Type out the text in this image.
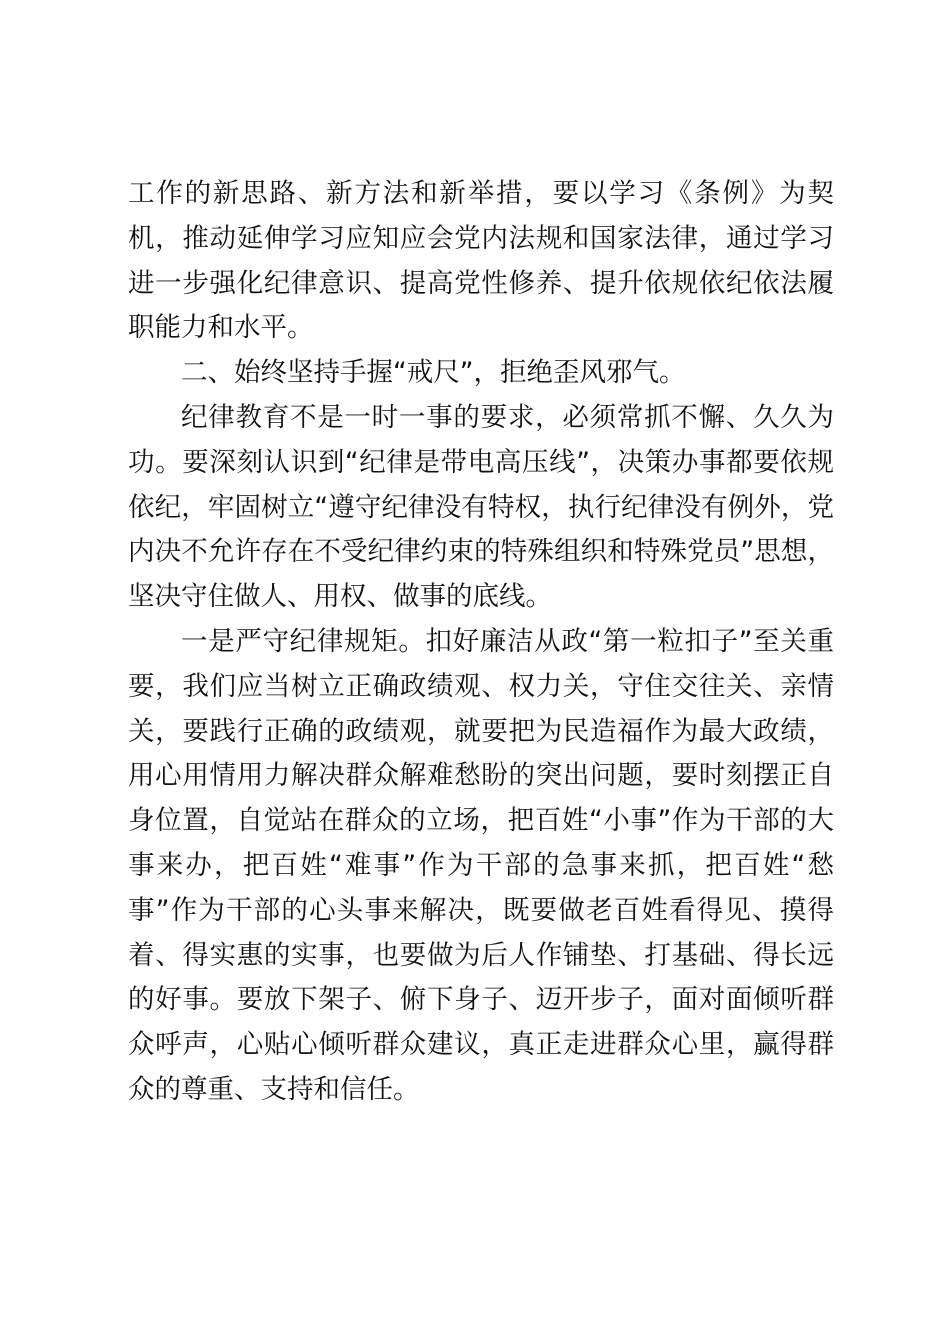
工作的新思路、新方法和新举措，要以学习《条例》为契机，推动延伸学习应知应会党内法规和国家法律，通过学习进一步强化纪律意识、提高党性修养、提升依规依纪依法履职能力和水平。

二、始终坚持手握“戒尺”，拒绝歪风邪气。

纪律教育不是一时一事的要求，必须常抓不懈、久久为功。要深刻认识到“纪律是带电高压线”，决策办事都要依规依纪，牢固树立“遵守纪律没有特权，执行纪律没有例外，党内决不允许存在不受纪律约束的特殊组织和特殊党员”思想，坚决守住做人、用权、做事的底线。

一是严守纪律规矩。扣好廉洁从政“第一粒扣子”至关重要，我们应当树立正确政绩观、权力关，守住交往关、亲情关，要践行正确的政绩观，就要把为民造福作为最大政绩，用心用情用力解决群众解难愁盼的突出问题，要时刻摆正自身位置，自觉站在群众的立场，把百姓“小事”作为干部的大事来办，把百姓“难事”作为干部的急事来抓，把百姓“愁事”作为干部的心头事来解决，既要做老百姓看得见、摸得着、得实惠的实事，也要做为后人作铺垫、打基础、得长远的好事。要放下架子、俯下身子、迈开步子，面对面倾听群众呼声，心贴心倾听群众建议，真正走进群众心里，赢得群众的尊重、支持和信任。
